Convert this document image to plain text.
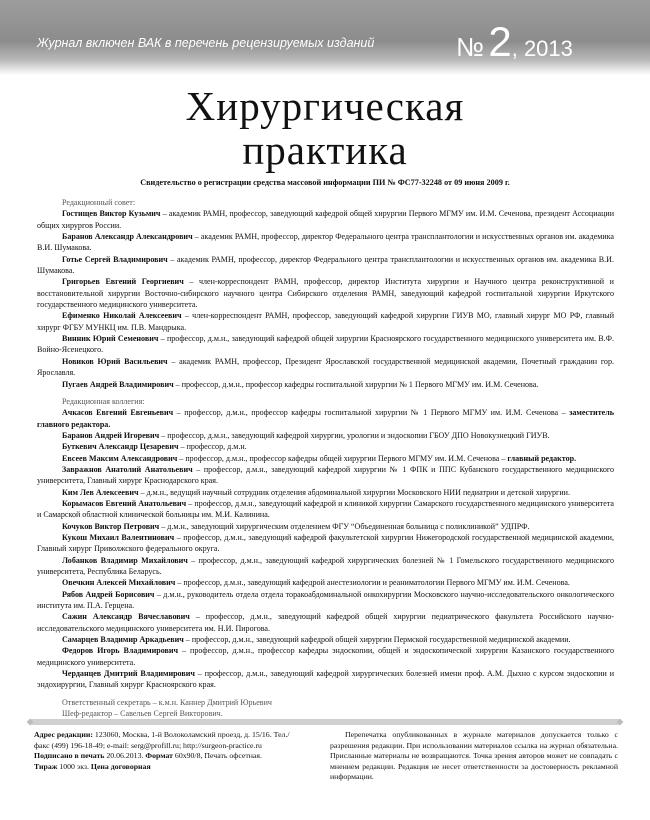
Журнал включен ВАК в перечень рецензируемых изданий	№ 2, 2013
Хирургическая
практика
Свидетельство о регистрации средства массовой информации ПИ № ФС77-32248 от 09 июня 2009 г.

Редакционный совет:

Гостищев Виктор Кузьмич – академик РАМН, профессор, заведующий кафедрой общей хирургии Первого МГМУ им. И.М. Сеченова, президент Ассоциации общих хирургов России.

Баранов Александр Александрович – академик РАМН, профессор, директор Федерального центра трансплантологии и искусственных органов им. академика В.И. Шумакова.

Готье Сергей Владимирович – академик РАМН, профессор, директор Федерального центра трансплантологии и искусственных органов им. академика В.И. Шумакова.

Григорьев Евгений Георгиевич – член-корреспондент РАМН, профессор, директор Института хирургии и Научного центра реконструктивной и восстановительной хирургии Восточно-сибирского научного центра Сибирского отделения РАМН, заведующий кафедрой госпитальной хирургии Иркутского государственного медицинского университета.

Ефименко Николай Алексеевич – член-корреспондент РАМН, профессор, заведующий кафедрой хирургии ГИУВ МО, главный хирург МО РФ, главный хирург ФГБУ МУНКЦ им. П.В. Мандрыка.

Винник Юрий Семенович – профессор, д.м.н., заведующий кафедрой общей хирургии Красноярского государственного медицинского университета им. В.Ф. Войно-Ясенецкого.

Новиков Юрий Васильевич – академик РАМН, профессор, Президент Ярославской государственной медицинской академии, Почетный гражданин гор. Ярославля.

Пугаев Андрей Владимирович – профессор, д.м.н., профессор кафедры госпитальной хирургии № 1 Первого МГМУ им. И.М. Сеченова.

Редакционная коллегия:

Ачкасов Евгений Евгеньевич – профессор, д.м.н., профессор кафедры госпитальной хирургии № 1 Первого МГМУ им. И.М. Сеченова – заместитель главного редактора.

Баранов Андрей Игоревич – профессор, д.м.н., заведующий кафедрой хирургии, урологии и эндоскопии ГБОУ ДПО Новокузнецкий ГИУВ.

Буткевич Александр Цезаревич – профессор, д.м.н.

Евсеев Максим Александрович – профессор, д.м.н., профессор кафедры общей хирургии Первого МГМУ им. И.М. Сеченова – главный редактор.

Завражнов Анатолий Анатольевич – профессор, д.м.н., заведующий кафедрой хирургии № 1 ФПК и ППС Кубанского государственного медицинского университета, Главный хирург Краснодарского края.

Ким Лев Алексеевич – д.м.н., ведущий научный сотрудник отделения абдоминальной хирургии Московского НИИ педиатрии и детской хирургии.

Корымасов Евгений Анатольевич – профессор, д.м.н., заведующий кафедрой и клиникой хирургии Самарского государственного медицинского университета и Самарской областной клинической больницы им. М.И. Калинина.

Кочуков Виктор Петрович – д.м.н., заведующий хирургическим отделением ФГУ “Объединенная больница с поликлиникой” УДПРФ.

Кукош Михаил Валентинович – профессор, д.м.н., заведующий кафедрой факультетской хирургии Нижегородской государственной медицинской академии, Главный хирург Приволжского федерального округа.

Лобанков Владимир Михайлович – профессор, д.м.н., заведующий кафедрой хирургических болезней № 1 Гомельского государственного медицинского университета, Республика Беларусь.

Овечкин Алексей Михайлович – профессор, д.м.н., заведующий кафедрой анестезиологии и реаниматологии Первого МГМУ им. И.М. Сеченова.

Рябов Андрей Борисович – д.м.н., руководитель отдела отдела торакоабдоминальной онкохирургии Московского научно-исследовательского онкологического института им. П.А. Герцена.

Сажин Александр Вячеславович – профессор, д.м.н., заведующий кафедрой общей хирургии педиатрического факультета Российского научно-исследовательского медицинского университета им. Н.И. Пирогова.

Самарцев Владимир Аркадьевич – профессор, д.м.н., заведующий кафедрой общей хирургии Пермской государственной медицинской академии.

Федоров Игорь Владимирович – профессор, д.м.н., профессор кафедры эндоскопии, общей и эндоскопической хирургии Казанского государственного медицинского университета.

Черданцев Дмитрий Владимирович – профессор, д.м.н., заведующий кафедрой хирургических болезней имени проф. А.М. Дыхно с курсом эндоскопии и эндохирургии, Главный хирург Красноярского края.

Ответственный секретарь – к.м.н. Каннер Дмитрий Юрьевич

Шеф-редактор – Савельев Сергей Викторович.

Адрес редакции: 123060, Москва, 1-й Волоколамский проезд, д. 15/16. Тел./факс (499) 196-18-49; e-mail: serg@profill.ru; http://surgeon-practice.ru
Подписано в печать 20.06.2013. Формат 60х90/8, Печать офсетная.
Тираж 1000 экз. Цена договорная

Перепечатка опубликованных в журнале материалов допускается только с разрешения редакции. При использовании материалов ссылка на журнал обязательна. Присланные материалы не возвращаются. Точка зрения авторов может не совпадать с мнением редакции. Редакция не несет ответственности за достоверность рекламной информации.
